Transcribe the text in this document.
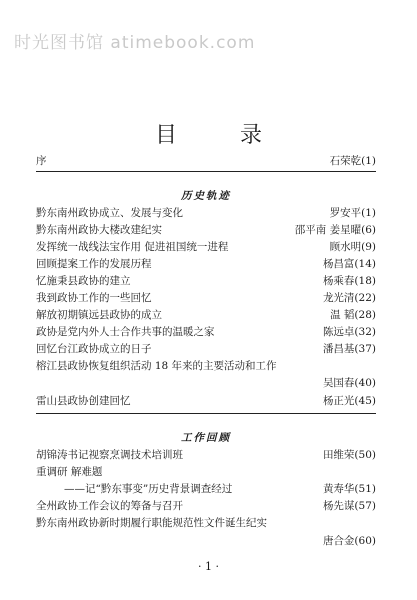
时光图书馆 atimebook.com
目 录
序	石荣乾(1)
历史轨迹
黔东南州政协成立、发展与变化	罗安平(1)
黔东南州政协大楼改建纪实	邵平南 姜星曜(6)
发挥统一战线法宝作用 促进祖国统一进程	顾水明(9)
回顾提案工作的发展历程	杨昌富(14)
忆施秉县政协的建立	杨乘春(18)
我到政协工作的一些回忆	龙光清(22)
解放初期镇远县政协的成立	温 韬(28)
政协是党内外人士合作共事的温暖之家	陈远卓(32)
回忆台江政协成立的日子	潘昌基(37)
榕江县政协恢复组织活动 18 年来的主要活动和工作
吴国春(40)
雷山县政协创建回忆	杨正光(45)
工作回顾
胡锦涛书记视察烹调技术培训班	田维荣(50)
重调研 解难题
——记“黔东事变”历史背景调查经过	黄寿华(51)
全州政协工作会议的筹备与召开	杨先谋(57)
黔东南州政协新时期履行职能规范性文件诞生纪实
唐合金(60)
· 1 ·
